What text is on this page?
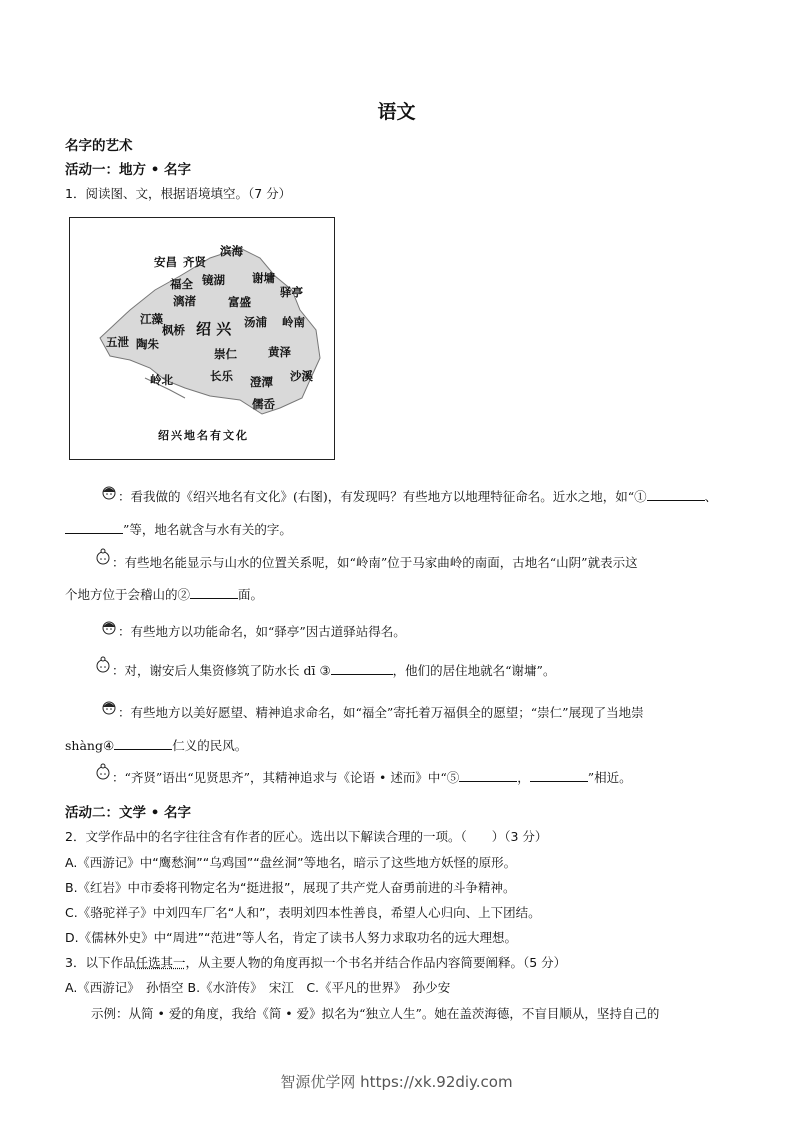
语文
名字的艺术
活动一：地方 • 名字
1．阅读图、文，根据语境填空。（7 分）
安昌 齐贤
滨海
福全 镜湖 谢墉
驿亭
漓渚	富盛
江藻
枫桥 绍 兴 汤浦 岭南
五泄 陶朱
崇仁	黄泽
岭北	长乐 澄潭 沙溪
儒岙
绍兴地名有文化
：看我做的《绍兴地名有文化》(右图)，有发现吗？有些地方以地理特征命名。近水之地，如“①	、
”等，地名就含与水有关的字。
：有些地名能显示与山水的位置关系呢，如“岭南”位于马家曲岭的南面，古地名“山阴”就表示这
个地方位于会稽山的②	面。
：有些地方以功能命名，如“驿亭”因古道驿站得名。
：对，谢安后人集资修筑了防水长 dī ③	，他们的居住地就名“谢墉”。
：有些地方以美好愿望、精神追求命名，如“福全”寄托着万福俱全的愿望；“崇仁”展现了当地崇
shàng④	仁义的民风。
：“齐贤”语出“见贤思齐”，其精神追求与《论语 • 述而》中“⑤	，	”相近。
活动二：文学 • 名字
2．文学作品中的名字往往含有作者的匠心。选出以下解读合理的一项。（　　）（3 分）
A.《西游记》中“鹰愁涧”“乌鸡国”“盘丝洞”等地名，暗示了这些地方妖怪的原形。
B.《红岩》中市委将刊物定名为“挺进报”，展现了共产党人奋勇前进的斗争精神。
C.《骆驼祥子》中刘四车厂名“人和”，表明刘四本性善良，希望人心归向、上下团结。
D.《儒林外史》中“周进”“范进”等人名，肯定了读书人努力求取功名的远大理想。
3．以下作品任选其一，从主要人物的角度再拟一个书名并结合作品内容简要阐释。（5 分）
A.《西游记》　孙悟空 B.《水浒传》　宋江　C.《平凡的世界》　孙少安
示例：从简 • 爱的角度，我给《简 • 爱》拟名为“独立人生”。她在盖茨海德，不盲目顺从，坚持自己的
智源优学网 https://xk.92diy.com
